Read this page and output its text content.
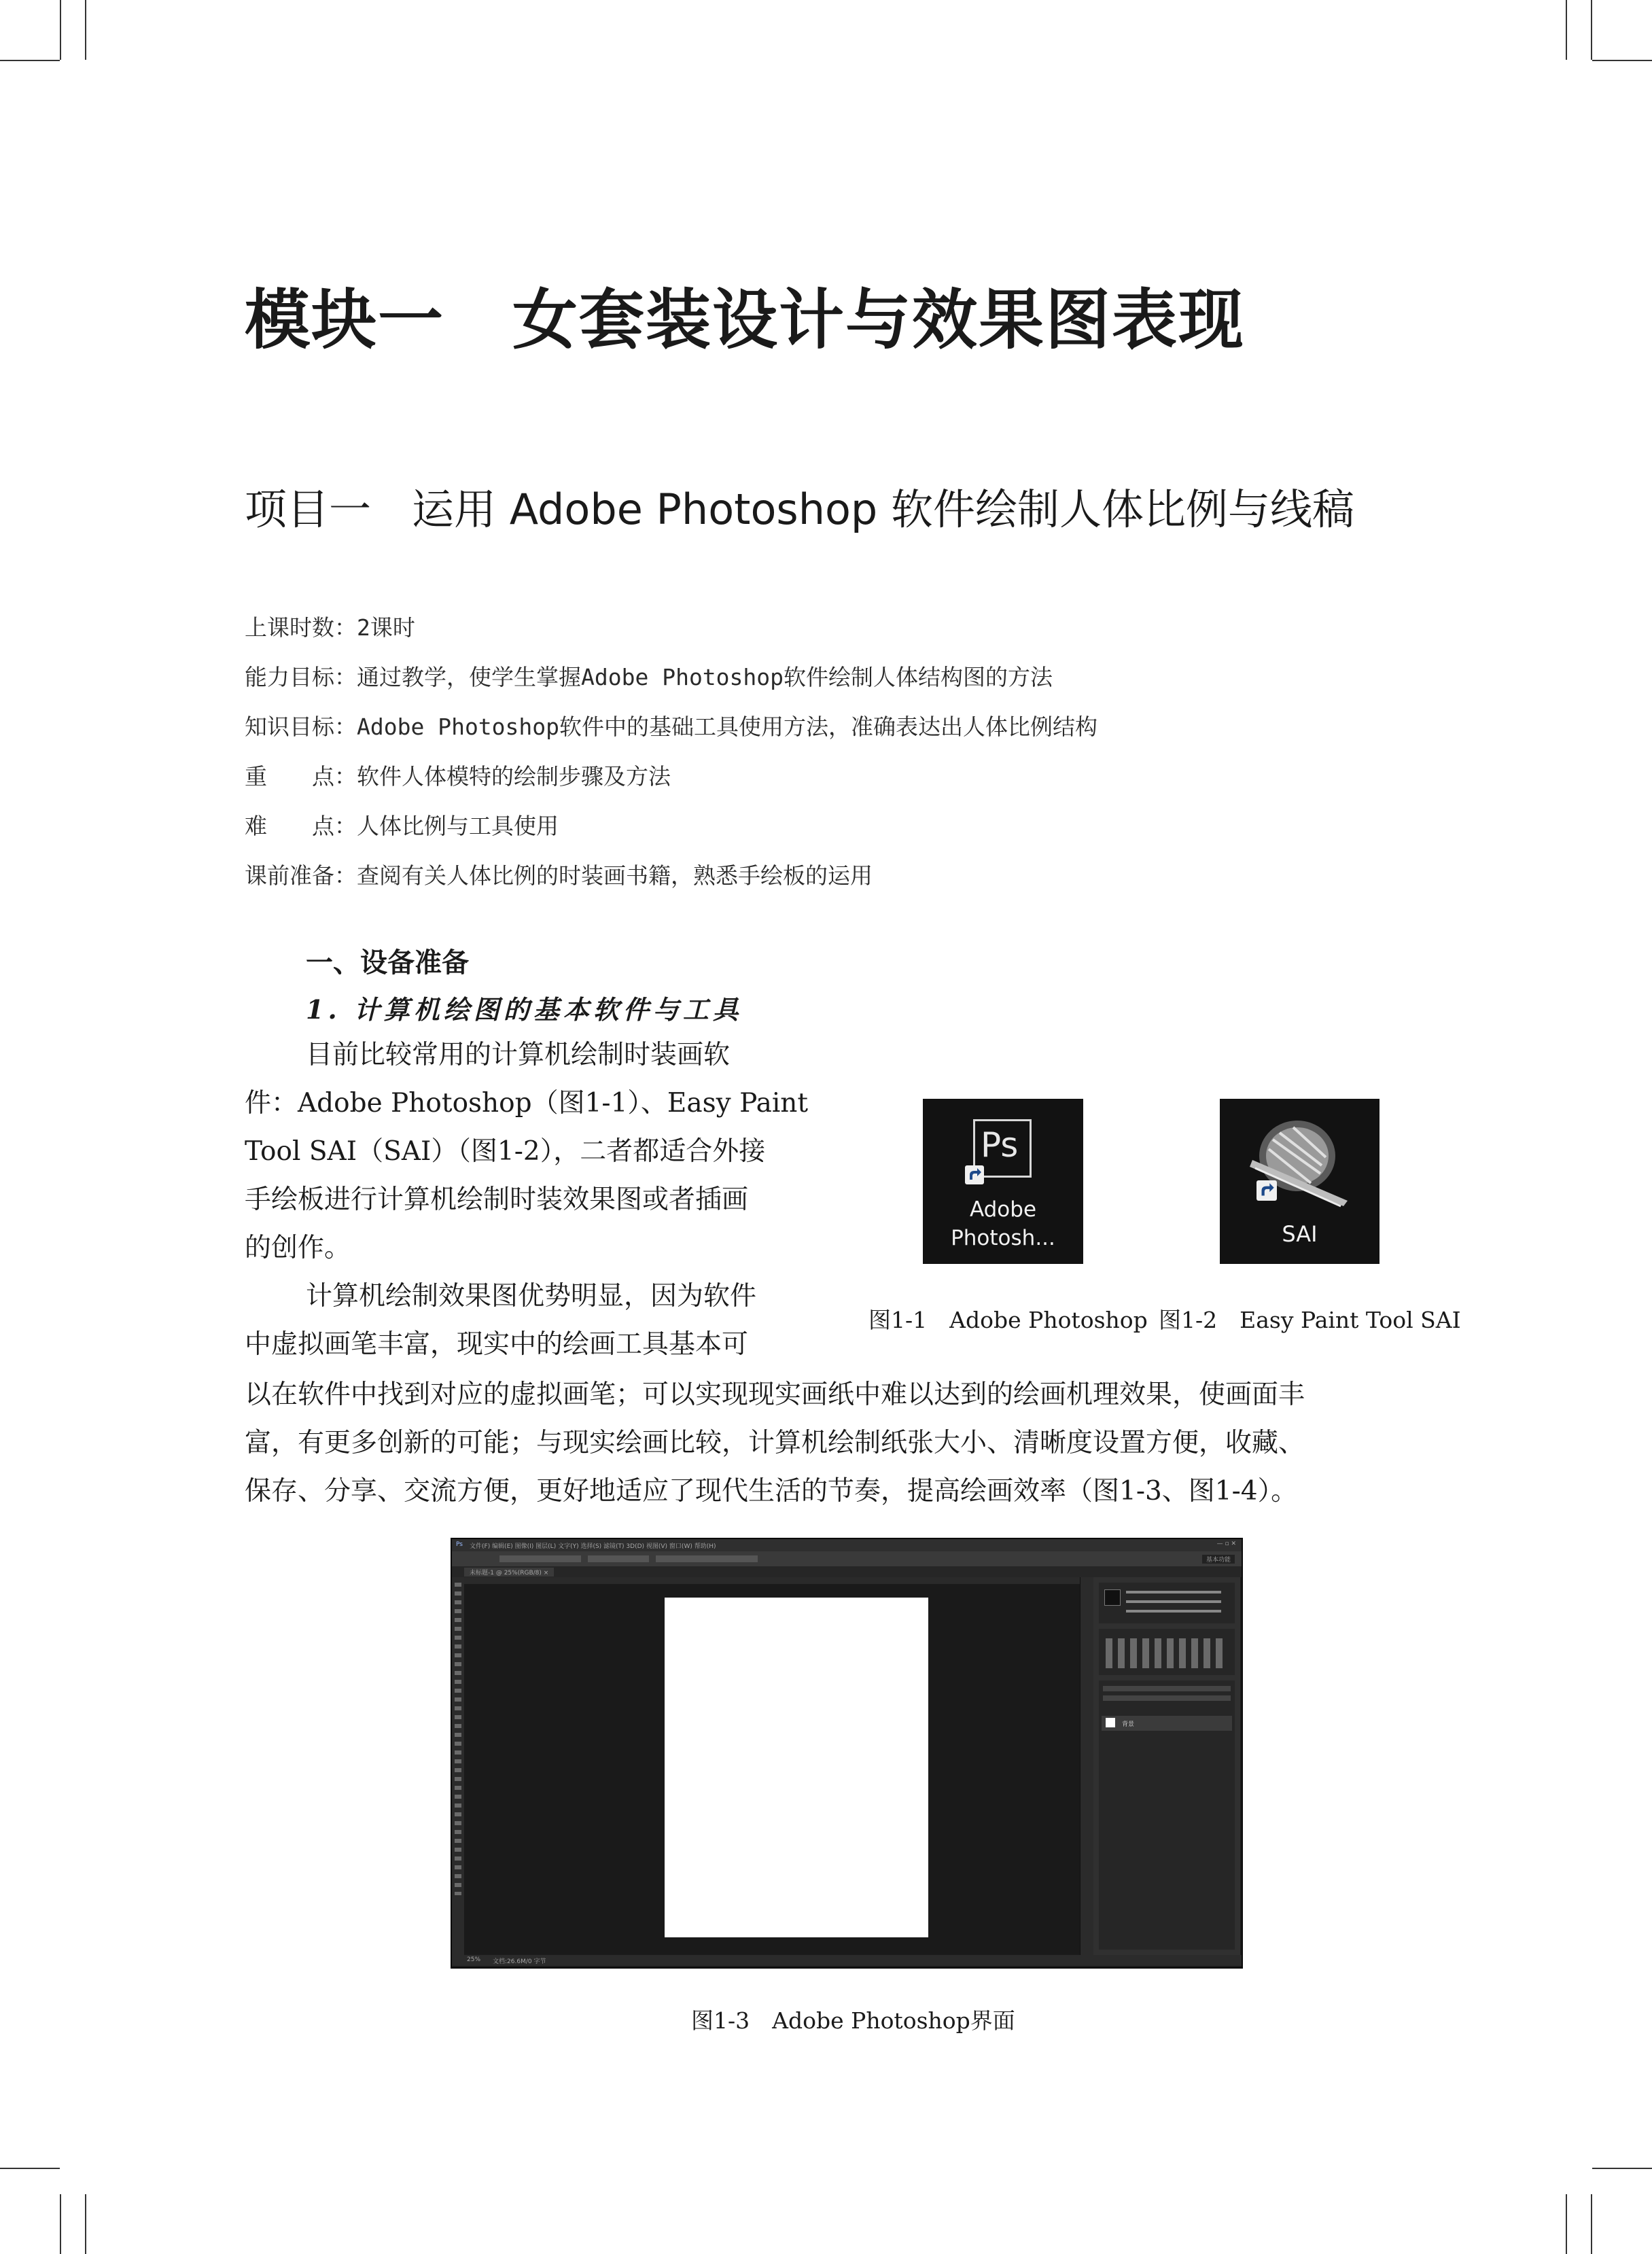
模块一 女套装设计与效果图表现
项目一 运用 Adobe Photoshop 软件绘制人体比例与线稿
上课时数：2课时
能力目标：通过教学，使学生掌握Adobe Photoshop软件绘制人体结构图的方法
知识目标：Adobe Photoshop软件中的基础工具使用方法，准确表达出人体比例结构
重　　点：软件人体模特的绘制步骤及方法
难　　点：人体比例与工具使用
课前准备：查阅有关人体比例的时装画书籍，熟悉手绘板的运用
一、设备准备
1. 计算机绘图的基本软件与工具
目前比较常用的计算机绘制时装画软
件：Adobe Photoshop（图1-1）、Easy Paint
Tool SAI（SAI）（图1-2），二者都适合外接
手绘板进行计算机绘制时装效果图或者插画
的创作。
计算机绘制效果图优势明显，因为软件
中虚拟画笔丰富，现实中的绘画工具基本可
以在软件中找到对应的虚拟画笔；可以实现现实画纸中难以达到的绘画机理效果，使画面丰
富，有更多创新的可能；与现实绘画比较，计算机绘制纸张大小、清晰度设置方便，收藏、
保存、分享、交流方便，更好地适应了现代生活的节奏，提高绘画效率（图1-3、图1-4）。
Ps
Adobe
Photosh...	SAI
图1-1　Adobe Photoshop 图1-2　Easy Paint Tool SAI
Ps 文件(F) 编辑(E) 图像(I) 图层(L) 文字(Y) 选择(S) 滤镜(T) 3D(D) 视图(V) 窗口(W) 帮助(H)	— ▫ ✕
基本功能
未标题-1 @ 25%(RGB/8) ×
25% 文档:26.6M/0 字节
背景
图1-3　Adobe Photoshop界面
